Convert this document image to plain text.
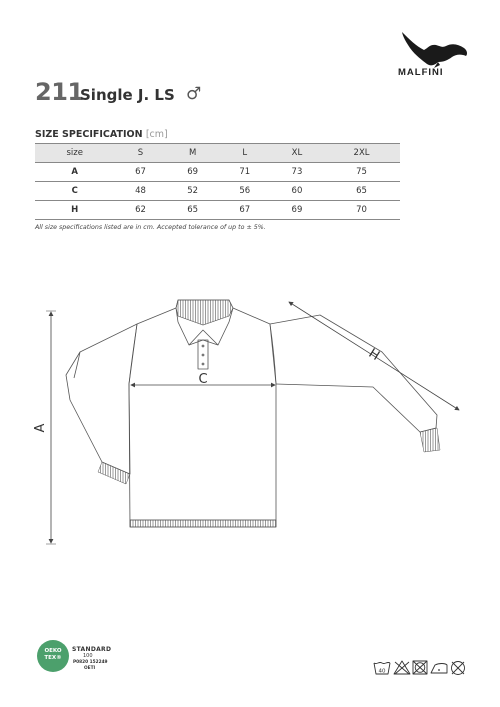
MALFINI
211
Single J. LS ♂
SIZE SPECIFICATION [cm]
size	S	M	L	XL	2XL
A	67	69	71	73	75
C	48	52	56	60	65
H	62	65	67	69	70
All size specifications listed are in cm. Accepted tolerance of up to ± 5%.
A
C
H
OEKO
TEX®
STANDARD
100
P0820 152249
OETI	40
